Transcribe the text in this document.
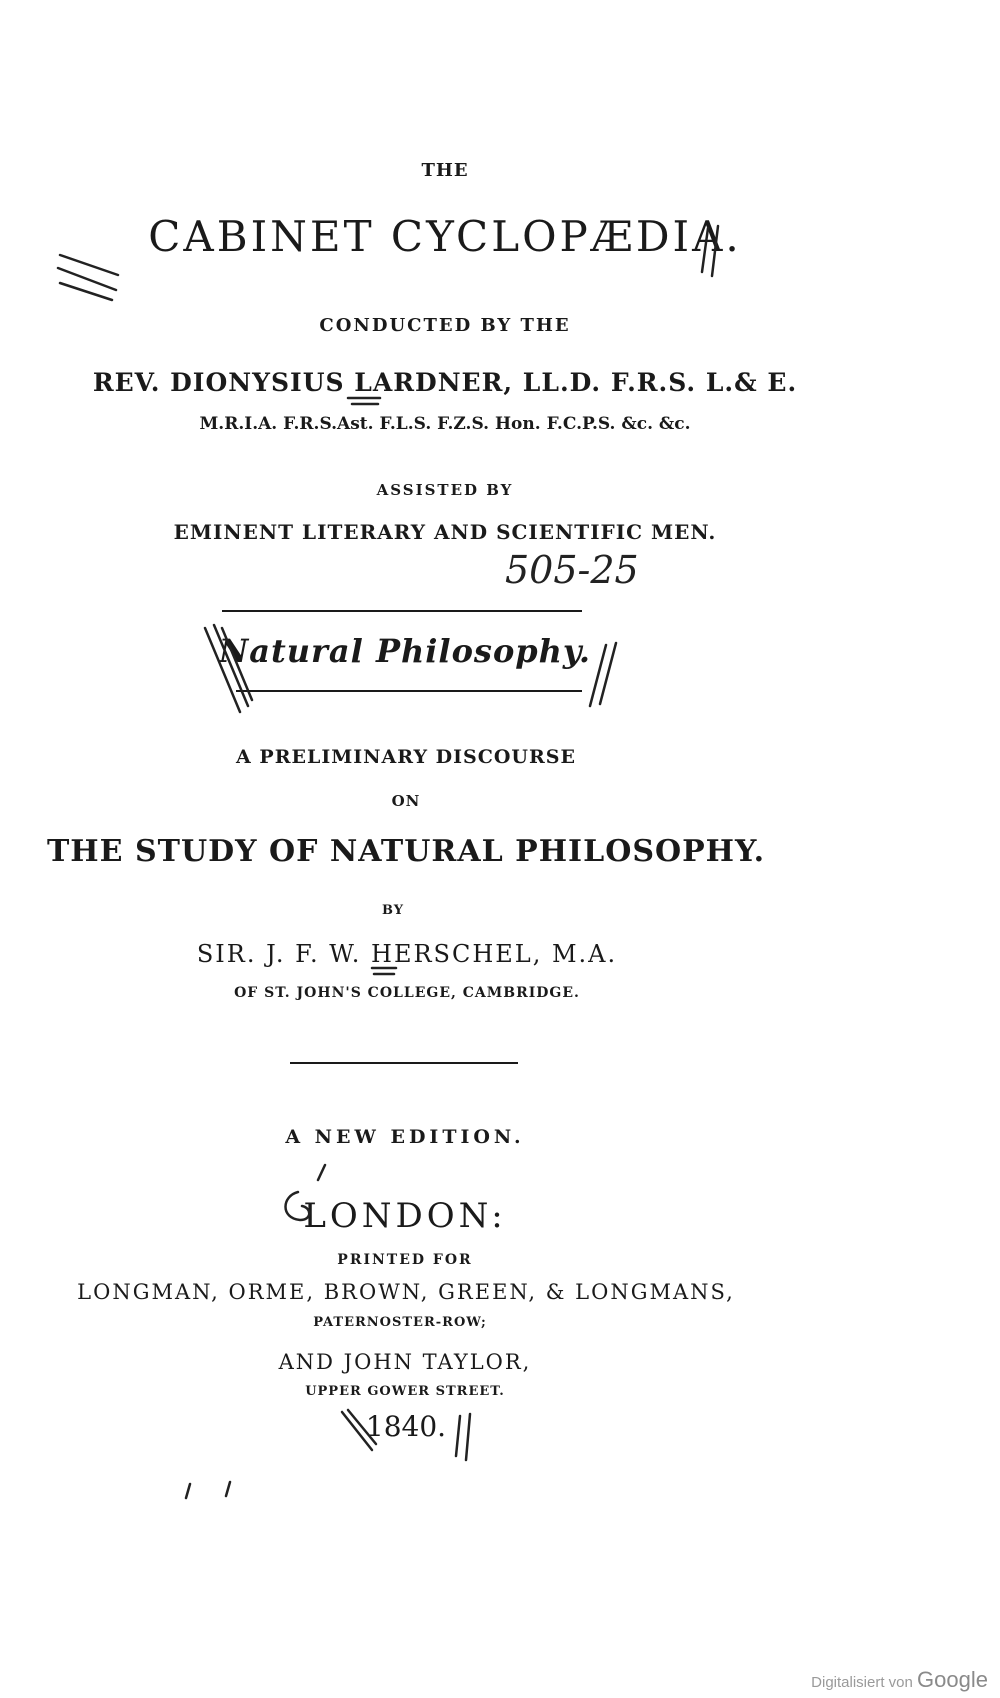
THE
CABINET CYCLOPÆDIA.
CONDUCTED BY THE
REV. DIONYSIUS LARDNER, LL.D. F.R.S. L.& E.
M.R.I.A. F.R.S.Ast. F.L.S. F.Z.S. Hon. F.C.P.S. &c. &c.
ASSISTED BY
EMINENT LITERARY AND SCIENTIFIC MEN.
505-25
Natural Philosophy.
A PRELIMINARY DISCOURSE
ON
THE STUDY OF NATURAL PHILOSOPHY.
BY
SIR. J. F. W. HERSCHEL, M.A.
OF ST. JOHN'S COLLEGE, CAMBRIDGE.
A NEW EDITION.
LONDON:
PRINTED FOR
LONGMAN, ORME, BROWN, GREEN, & LONGMANS,
PATERNOSTER-ROW;
AND JOHN TAYLOR,
UPPER GOWER STREET.
1840.
Digitalisiert von Google
